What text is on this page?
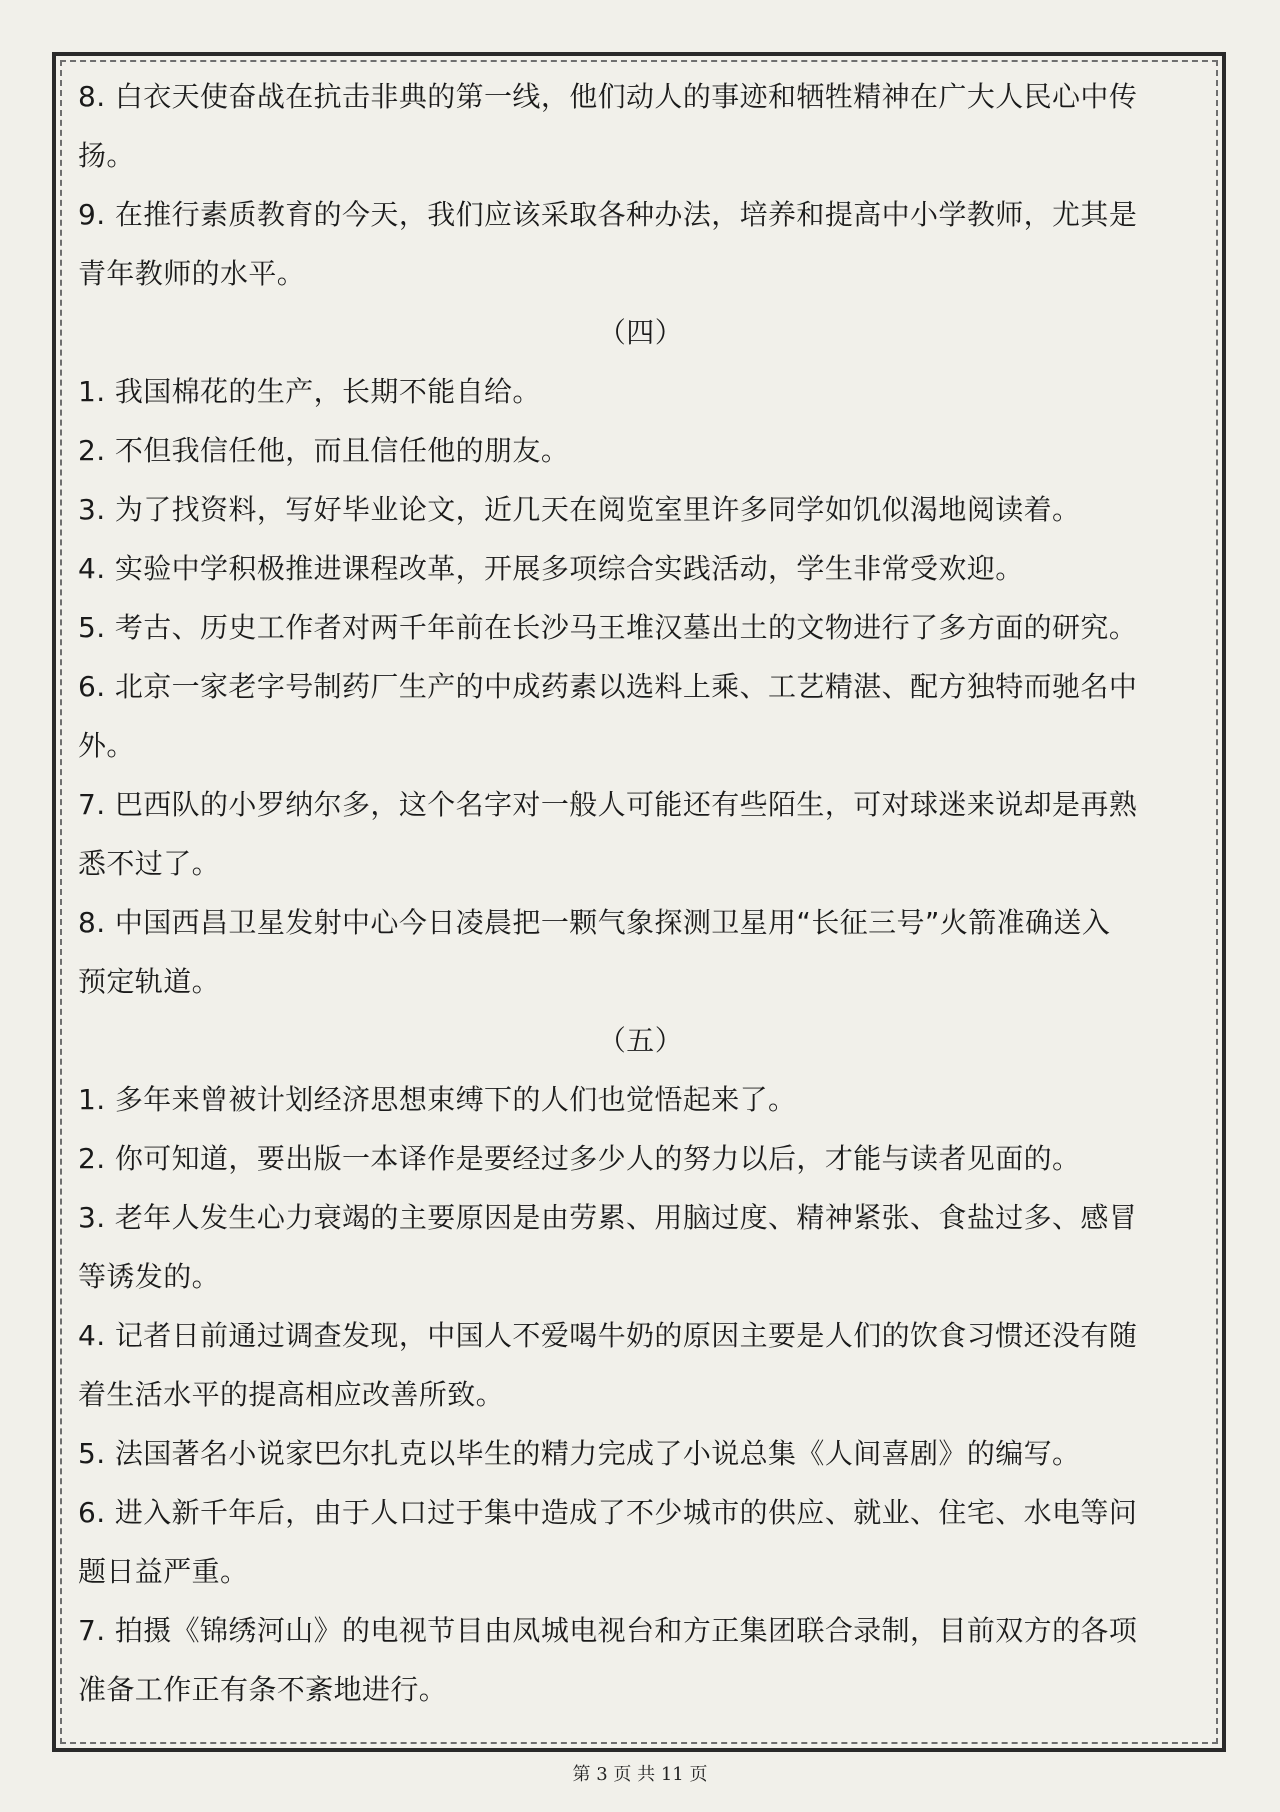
8. 白衣天使奋战在抗击非典的第一线，他们动人的事迹和牺牲精神在广大人民心中传
扬。
9. 在推行素质教育的今天，我们应该采取各种办法，培养和提高中小学教师，尤其是
青年教师的水平。
（四）
1. 我国棉花的生产，长期不能自给。
2. 不但我信任他，而且信任他的朋友。
3. 为了找资料，写好毕业论文，近几天在阅览室里许多同学如饥似渴地阅读着。
4. 实验中学积极推进课程改革，开展多项综合实践活动，学生非常受欢迎。
5. 考古、历史工作者对两千年前在长沙马王堆汉墓出土的文物进行了多方面的研究。
6. 北京一家老字号制药厂生产的中成药素以选料上乘、工艺精湛、配方独特而驰名中
外。
7. 巴西队的小罗纳尔多，这个名字对一般人可能还有些陌生，可对球迷来说却是再熟
悉不过了。
8. 中国西昌卫星发射中心今日凌晨把一颗气象探测卫星用“长征三号”火箭准确送入
预定轨道。
（五）
1. 多年来曾被计划经济思想束缚下的人们也觉悟起来了。
2. 你可知道，要出版一本译作是要经过多少人的努力以后，才能与读者见面的。
3. 老年人发生心力衰竭的主要原因是由劳累、用脑过度、精神紧张、食盐过多、感冒
等诱发的。
4. 记者日前通过调查发现，中国人不爱喝牛奶的原因主要是人们的饮食习惯还没有随
着生活水平的提高相应改善所致。
5. 法国著名小说家巴尔扎克以毕生的精力完成了小说总集《人间喜剧》的编写。
6. 进入新千年后，由于人口过于集中造成了不少城市的供应、就业、住宅、水电等问
题日益严重。
7. 拍摄《锦绣河山》的电视节目由凤城电视台和方正集团联合录制，目前双方的各项
准备工作正有条不紊地进行。
第 3 页 共 11 页
